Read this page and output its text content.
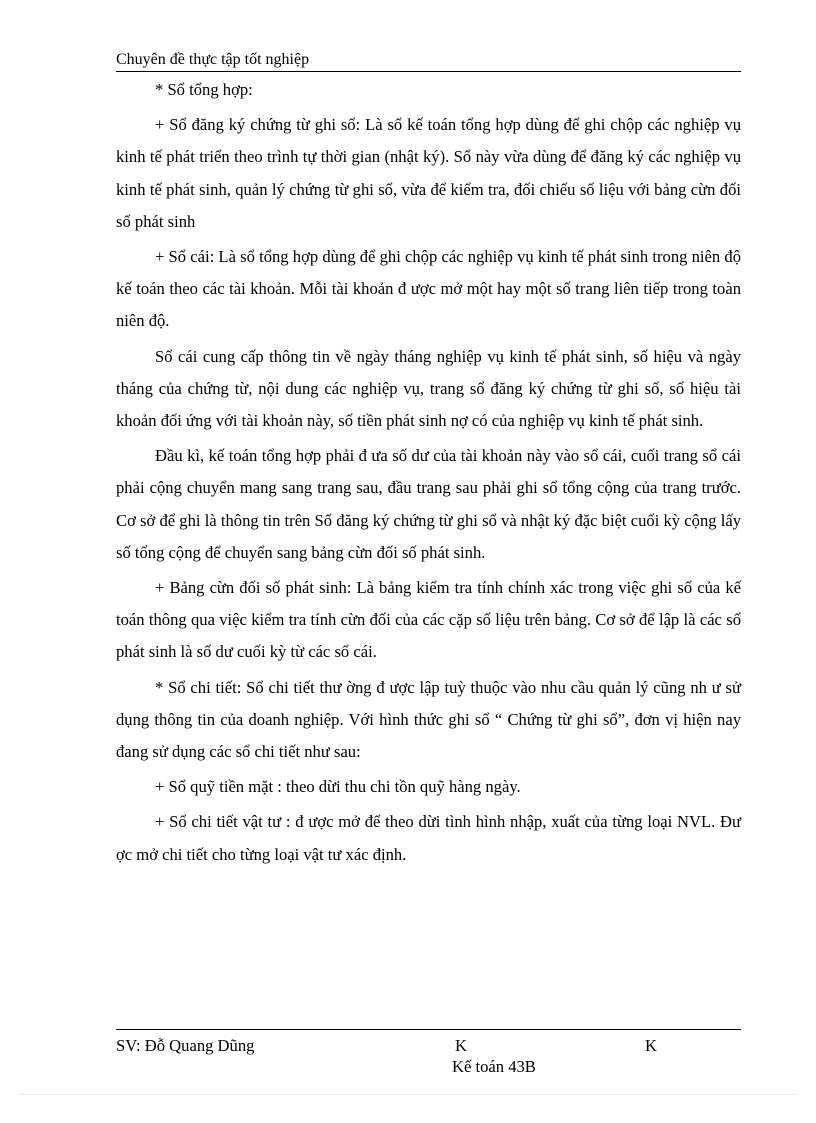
Chuyên đề thực tập tốt nghiệp

* Sổ tổng hợp:

+ Sổ đăng ký chứng từ ghi sổ: Là sổ kế toán tổng hợp dùng để ghi chộp các nghiệp vụ kinh tế phát triển theo trình tự thời gian (nhật ký). Sổ này vừa dùng để đăng ký các nghiệp vụ kinh tế phát sinh, quản lý chứng từ ghi sổ, vừa để kiểm tra, đối chiếu số liệu với bảng cừn đối số phát sinh

+ Sổ cái: Là sổ tổng hợp dùng để ghi chộp các nghiệp vụ kinh tế phát sinh trong niên độ kế toán theo các tài khoản. Mỗi tài khoản đ ược mở một hay một số trang liên tiếp trong toàn niên độ.

Sổ cái cung cấp thông tin về ngày tháng nghiệp vụ kinh tế phát sinh, số hiệu và ngày tháng của chứng từ, nội dung các nghiệp vụ, trang sổ đăng ký chứng từ ghi sổ, số hiệu tài khoản đối ứng với tài khoản này, số tiền phát sinh nợ có của nghiệp vụ kinh tế phát sinh.

Đầu kì, kế toán tổng hợp phải đ ưa số dư của tài khoản này vào sổ cái, cuối trang sổ cái phải cộng chuyển mang sang trang sau, đầu trang sau phải ghi sổ tổng cộng của trang trước. Cơ sở để ghi là thông tin trên Sổ đăng ký chứng từ ghi sổ và nhật ký đặc biệt cuối kỳ cộng lấy số tổng cộng để chuyển sang bảng cừn đối số phát sinh.

+ Bảng cừn đối số phát sinh: Là bảng kiểm tra tính chính xác trong việc ghi sổ của kế toán thông qua việc kiểm tra tính cừn đối của các cặp số liệu trên bảng. Cơ sở để lập là các số phát sinh là số dư cuối kỳ từ các sổ cái.

* Sổ chi tiết: Sổ chi tiết thư ờng đ ược lập tuỳ thuộc vào nhu cầu quản lý cũng nh ư sử dụng thông tin của doanh nghiệp. Với hình thức ghi sổ “ Chứng từ ghi sổ”, đơn vị hiện nay đang sử dụng các sổ chi tiết như sau:

+ Sổ quỹ tiền mặt : theo dừi thu chi tồn quỹ hàng ngày.

+ Sổ chi tiết vật tư : đ ược mở để theo dừi tình hình nhập, xuất của từng loại NVL. Đư ợc mở chi tiết cho từng loại vật tư xác định.

SV: Đỗ Quang Dũng	K	K
Kế toán 43B
